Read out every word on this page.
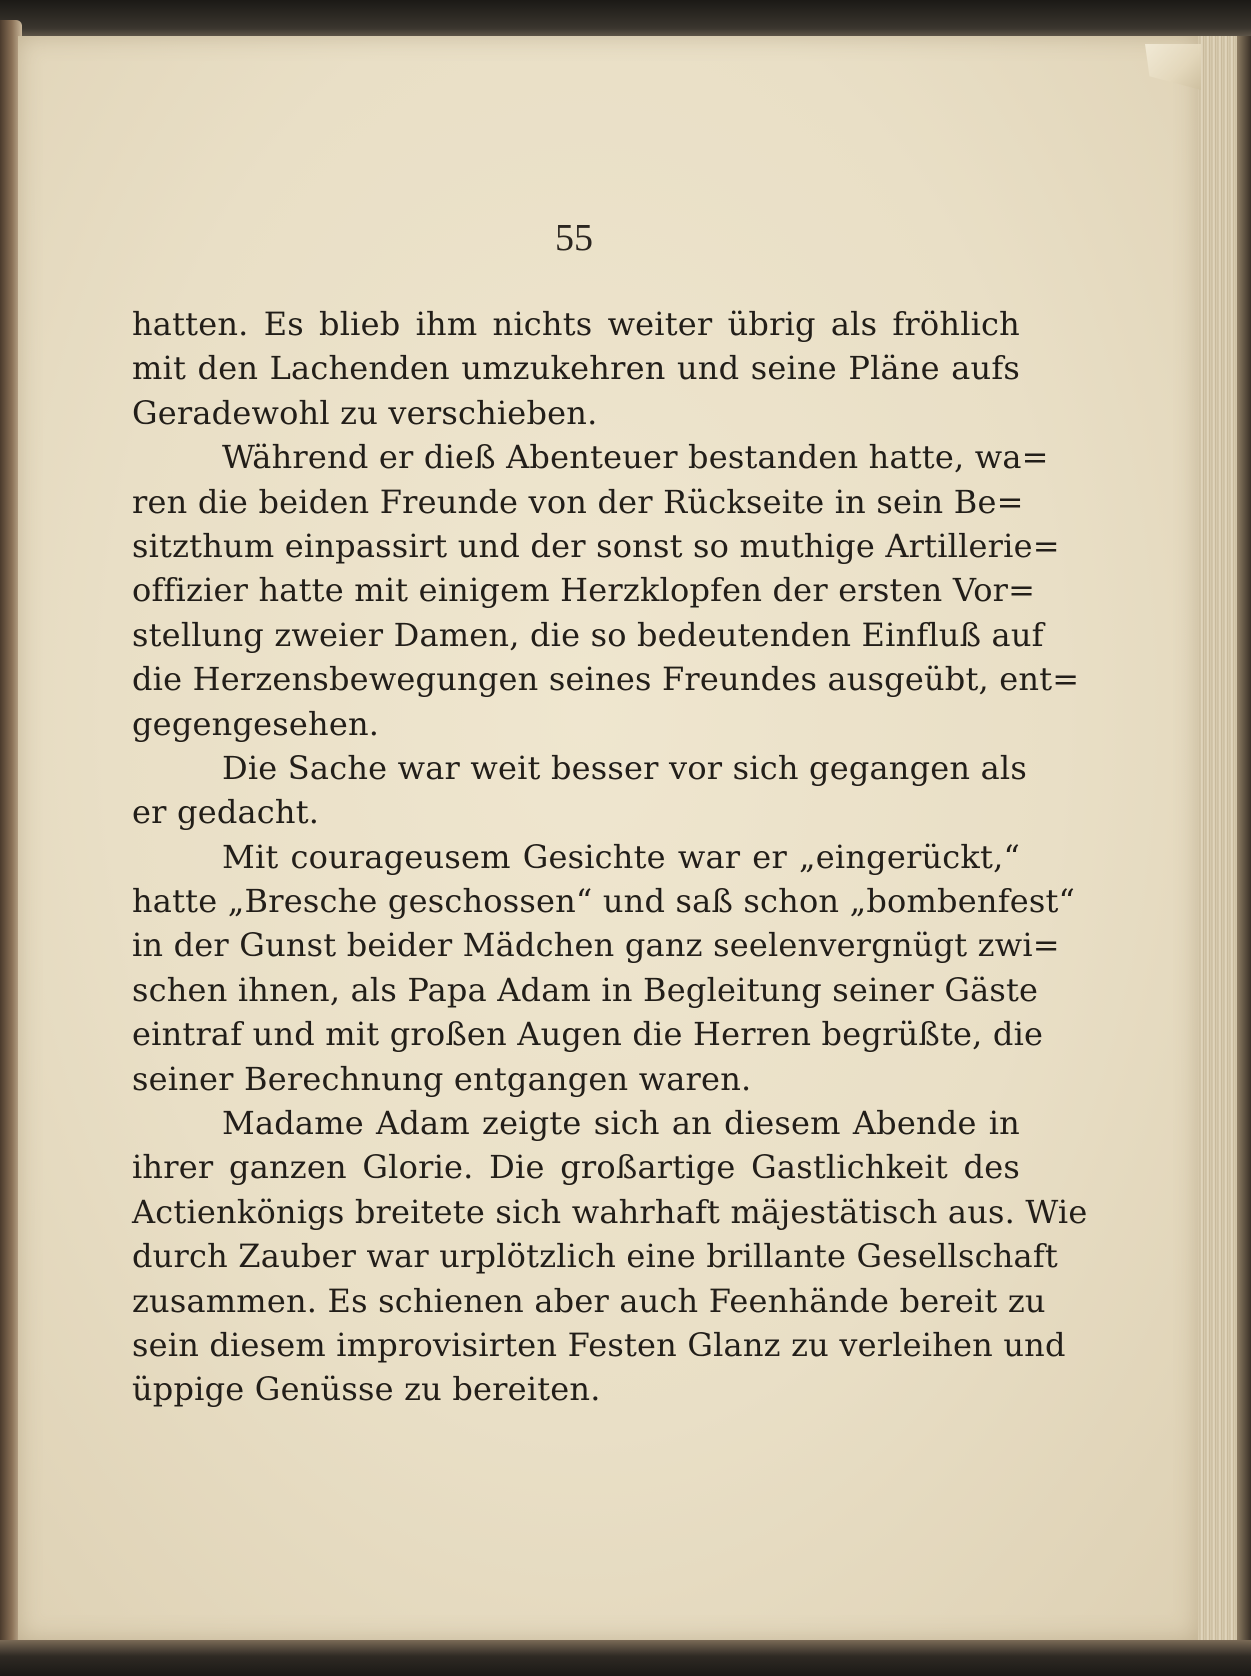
55
hatten. Es blieb ihm nichts weiter übrig als fröhlich
mit den Lachenden umzukehren und seine Pläne aufs
Geradewohl zu verschieben.
Während er dieß Abenteuer bestanden hatte, wa=
ren die beiden Freunde von der Rückseite in sein Be=
sitzthum einpassirt und der sonst so muthige Artillerie=
offizier hatte mit einigem Herzklopfen der ersten Vor=
stellung zweier Damen, die so bedeutenden Einfluß auf
die Herzensbewegungen seines Freundes ausgeübt, ent=
gegengesehen.
Die Sache war weit besser vor sich gegangen als
er gedacht.
Mit courageusem Gesichte war er „eingerückt,“
hatte „Bresche geschossen“ und saß schon „bombenfest“
in der Gunst beider Mädchen ganz seelenvergnügt zwi=
schen ihnen, als Papa Adam in Begleitung seiner Gäste
eintraf und mit großen Augen die Herren begrüßte, die
seiner Berechnung entgangen waren.
Madame Adam zeigte sich an diesem Abende in
ihrer ganzen Glorie. Die großartige Gastlichkeit des
Actienkönigs breitete sich wahrhaft mäjestätisch aus. Wie
durch Zauber war urplötzlich eine brillante Gesellschaft
zusammen. Es schienen aber auch Feenhände bereit zu
sein diesem improvisirten Festen Glanz zu verleihen und
üppige Genüsse zu bereiten.
